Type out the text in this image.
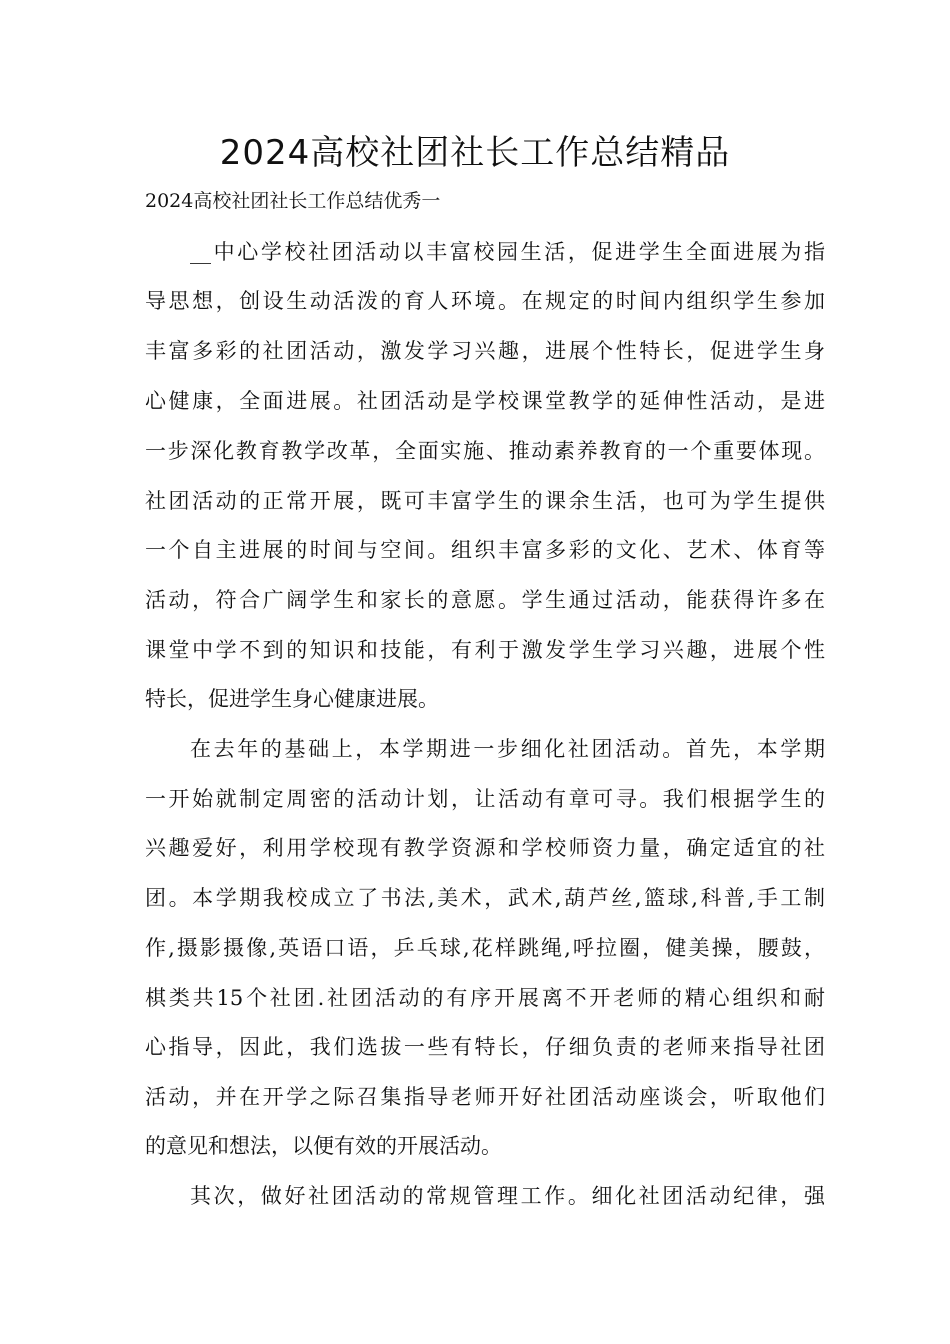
2024高校社团社长工作总结精品
2024高校社团社长工作总结优秀一
__中心学校社团活动以丰富校园生活，促进学生全面进展为指
导思想，创设生动活泼的育人环境。在规定的时间内组织学生参加
丰富多彩的社团活动，激发学习兴趣，进展个性特长，促进学生身
心健康，全面进展。社团活动是学校课堂教学的延伸性活动，是进
一步深化教育教学改革，全面实施、推动素养教育的一个重要体现。
社团活动的正常开展，既可丰富学生的课余生活，也可为学生提供
一个自主进展的时间与空间。组织丰富多彩的文化、艺术、体育等
活动，符合广阔学生和家长的意愿。学生通过活动，能获得许多在
课堂中学不到的知识和技能，有利于激发学生学习兴趣，进展个性
特长，促进学生身心健康进展。
在去年的基础上，本学期进一步细化社团活动。首先，本学期
一开始就制定周密的活动计划，让活动有章可寻。我们根据学生的
兴趣爱好，利用学校现有教学资源和学校师资力量，确定适宜的社
团。本学期我校成立了书法,美术，武术,葫芦丝,篮球,科普,手工制
作,摄影摄像,英语口语，乒乓球,花样跳绳,呼拉圈，健美操，腰鼓，
棋类共15个社团.社团活动的有序开展离不开老师的精心组织和耐
心指导，因此，我们选拔一些有特长，仔细负责的老师来指导社团
活动，并在开学之际召集指导老师开好社团活动座谈会，听取他们
的意见和想法，以便有效的开展活动。
其次，做好社团活动的常规管理工作。细化社团活动纪律，强
